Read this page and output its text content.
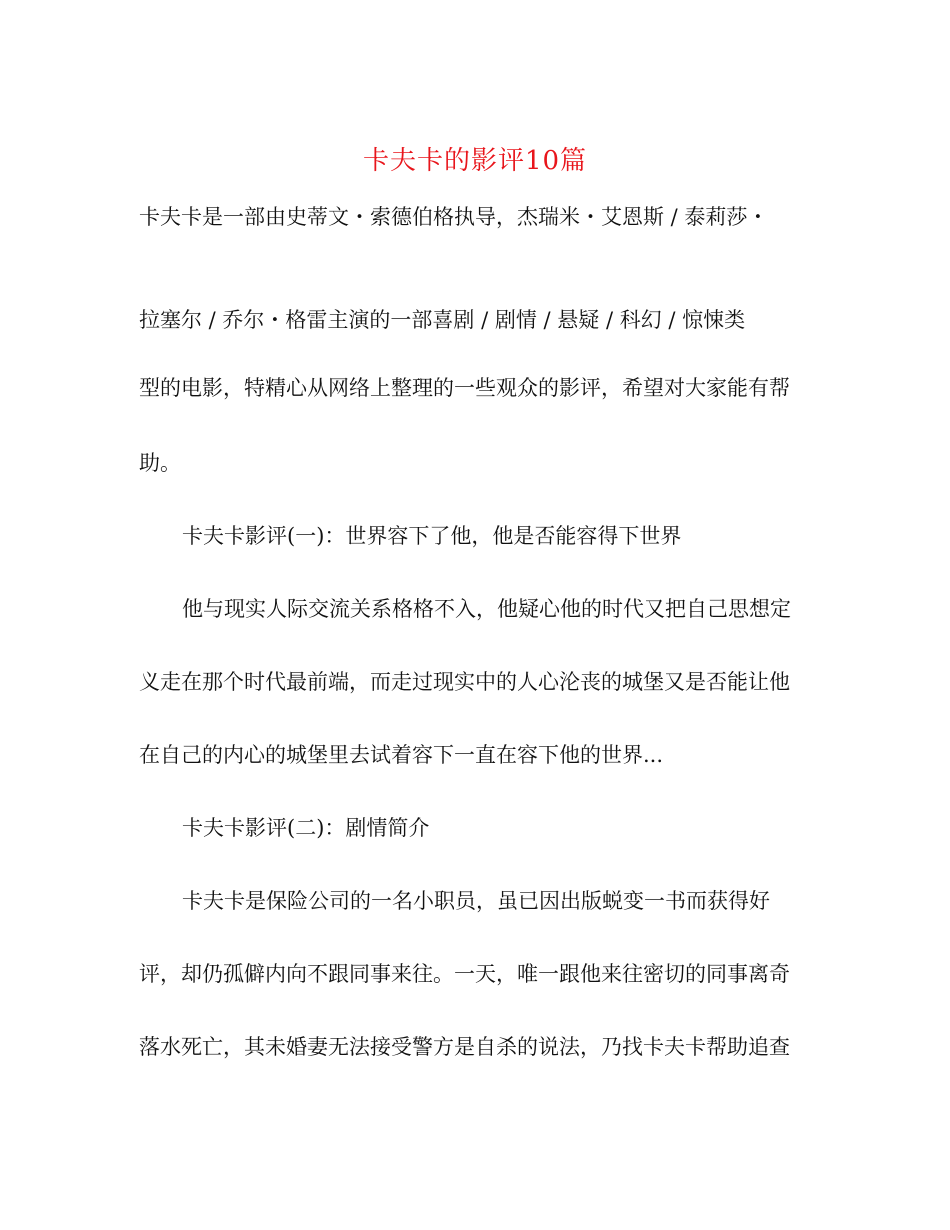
卡夫卡的影评10篇
卡夫卡是一部由史蒂文・索德伯格执导，杰瑞米・艾恩斯 / 泰莉莎・
拉塞尔 / 乔尔・格雷主演的一部喜剧 / 剧情 / 悬疑 / 科幻 / 惊悚类
型的电影，特精心从网络上整理的一些观众的影评，希望对大家能有帮
助。
卡夫卡影评(一)：世界容下了他，他是否能容得下世界
他与现实人际交流关系格格不入，他疑心他的时代又把自己思想定
义走在那个时代最前端，而走过现实中的人心沦丧的城堡又是否能让他
在自己的内心的城堡里去试着容下一直在容下他的世界...
卡夫卡影评(二)：剧情简介
卡夫卡是保险公司的一名小职员，虽已因出版蜕变一书而获得好
评，却仍孤僻内向不跟同事来往。一天，唯一跟他来往密切的同事离奇
落水死亡，其未婚妻无法接受警方是自杀的说法，乃找卡夫卡帮助追查
